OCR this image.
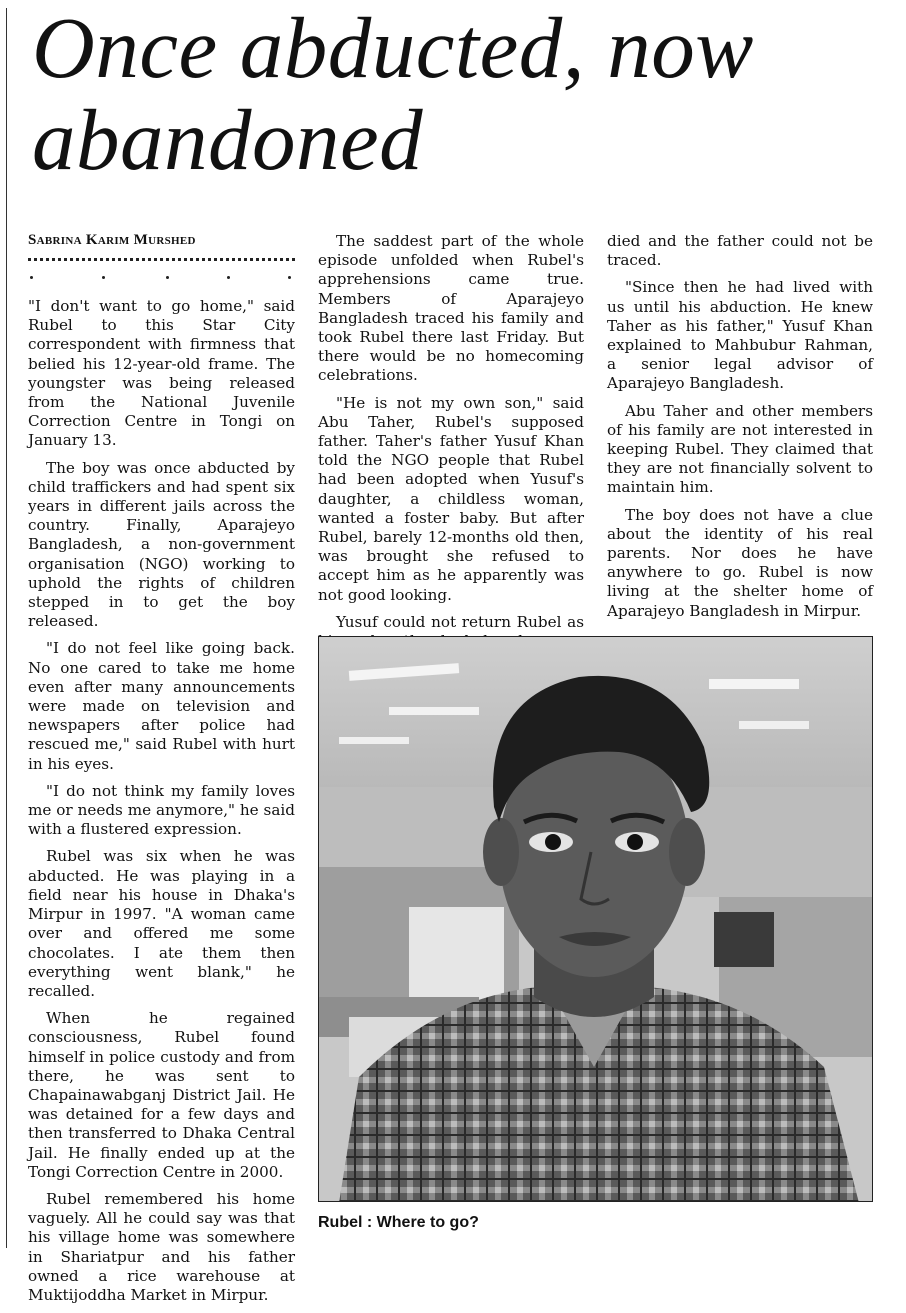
Once abducted, now abandoned
Sabrina Karim Murshed

"I don't want to go home," said Rubel to this Star City correspondent with firmness that belied his 12-year-old frame. The youngster was being released from the National Juvenile Correction Centre in Tongi on January 13.

The boy was once abducted by child traffickers and had spent six years in different jails across the country. Finally, Aparajeyo Bangladesh, a non-government organisation (NGO) working to uphold the rights of children stepped in to get the boy released.

"I do not feel like going back. No one cared to take me home even after many announcements were made on television and newspapers after police had rescued me," said Rubel with hurt in his eyes.

"I do not think my family loves me or needs me anymore," he said with a flustered expression.

Rubel was six when he was abducted. He was playing in a field near his house in Dhaka's Mirpur in 1997. "A woman came over and offered me some chocolates. I ate them then everything went blank," he recalled.

When he regained consciousness, Rubel found himself in police custody and from there, he was sent to Chapainawabganj District Jail. He was detained for a few days and then transferred to Dhaka Central Jail. He finally ended up at the Tongi Correction Centre in 2000.

Rubel remembered his home vaguely. All he could say was that his village home was somewhere in Shariatpur and his father owned a rice warehouse at Muktijoddha Market in Mirpur.

The saddest part of the whole episode unfolded when Rubel's apprehensions came true. Members of Aparajeyo Bangladesh traced his family and took Rubel there last Friday. But there would be no homecoming celebrations.

"He is not my own son," said Abu Taher, Rubel's supposed father. Taher's father Yusuf Khan told the NGO people that Rubel had been adopted when Yusuf's daughter, a childless woman, wanted a foster baby. But after Rubel, barely 12-months old then, was brought she refused to accept him as he apparently was not good looking.

Yusuf could not return Rubel as

died and the father could not be traced.

"Since then he had lived with us until his abduction. He knew Taher as his father," Yusuf Khan explained to Mahbubur Rahman, a senior legal advisor of Aparajeyo Bangladesh.

Abu Taher and other members of his family are not interested in keeping Rubel. They claimed that they are not financially solvent to maintain him.

The boy does not have a clue about the identity of his real parents. Nor does he have anywhere to go. Rubel is now living at the shelter home of Aparajeyo Bangladesh in Mirpur.

Rubel : Where to go?
